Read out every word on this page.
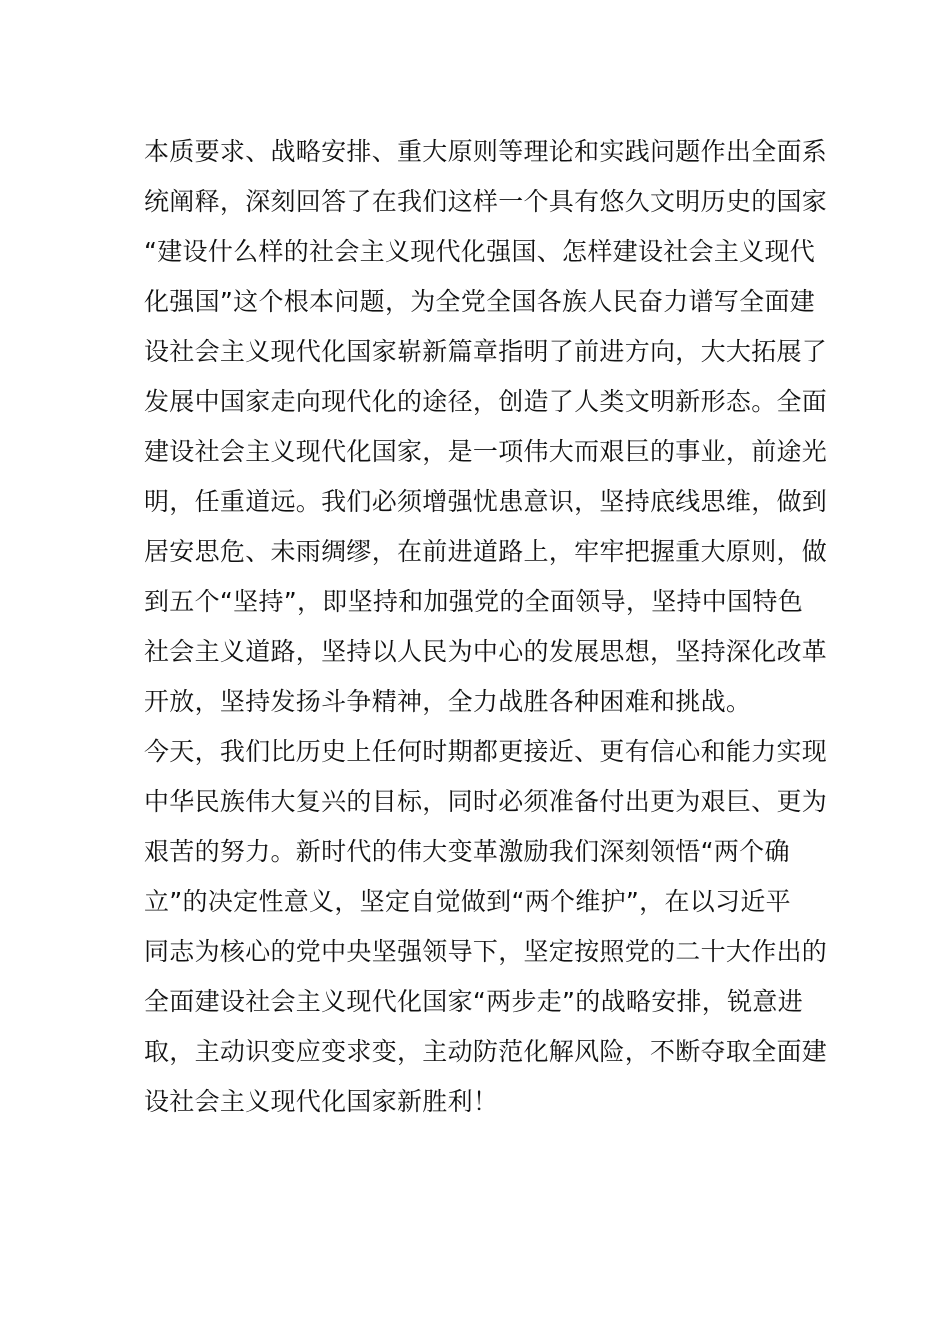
本质要求、战略安排、重大原则等理论和实践问题作出全面系
统阐释，深刻回答了在我们这样一个具有悠久文明历史的国家
“建设什么样的社会主义现代化强国、怎样建设社会主义现代
化强国”这个根本问题，为全党全国各族人民奋力谱写全面建
设社会主义现代化国家崭新篇章指明了前进方向，大大拓展了
发展中国家走向现代化的途径，创造了人类文明新形态。全面
建设社会主义现代化国家，是一项伟大而艰巨的事业，前途光
明，任重道远。我们必须增强忧患意识，坚持底线思维，做到
居安思危、未雨绸缪，在前进道路上，牢牢把握重大原则，做
到五个“坚持”，即坚持和加强党的全面领导，坚持中国特色
社会主义道路，坚持以人民为中心的发展思想，坚持深化改革
开放，坚持发扬斗争精神，全力战胜各种困难和挑战。
今天，我们比历史上任何时期都更接近、更有信心和能力实现
中华民族伟大复兴的目标，同时必须准备付出更为艰巨、更为
艰苦的努力。新时代的伟大变革激励我们深刻领悟“两个确
立”的决定性意义，坚定自觉做到“两个维护”，在以习近平
同志为核心的党中央坚强领导下，坚定按照党的二十大作出的
全面建设社会主义现代化国家“两步走”的战略安排，锐意进
取，主动识变应变求变，主动防范化解风险，不断夺取全面建
设社会主义现代化国家新胜利！
